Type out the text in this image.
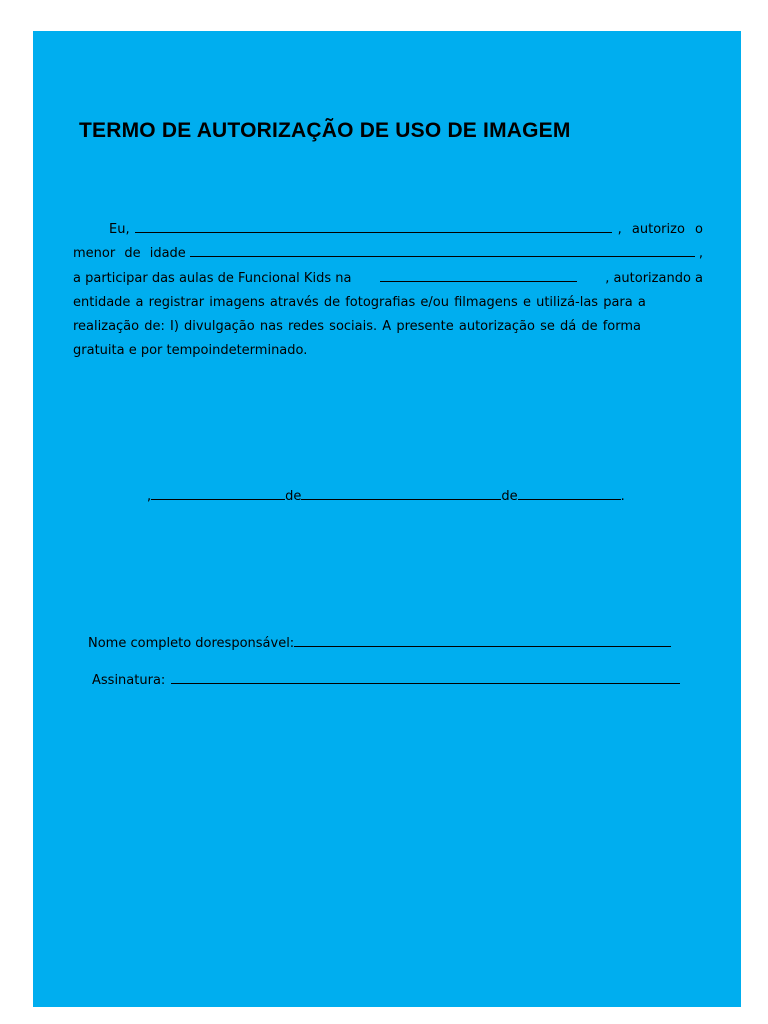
TERMO DE AUTORIZAÇÃO DE USO DE IMAGEM
Eu,	, autorizo o
menor de idade	,
a participar das aulas de Funcional Kids na	, autorizando a
entidade a registrar imagens através de fotografias e/ou filmagens e utilizá-las para a
realização de: I) divulgação nas redes sociais. A presente autorização se dá de forma
gratuita e por tempoindeterminado.
,	de	de	.
Nome completo doresponsável:
Assinatura:
